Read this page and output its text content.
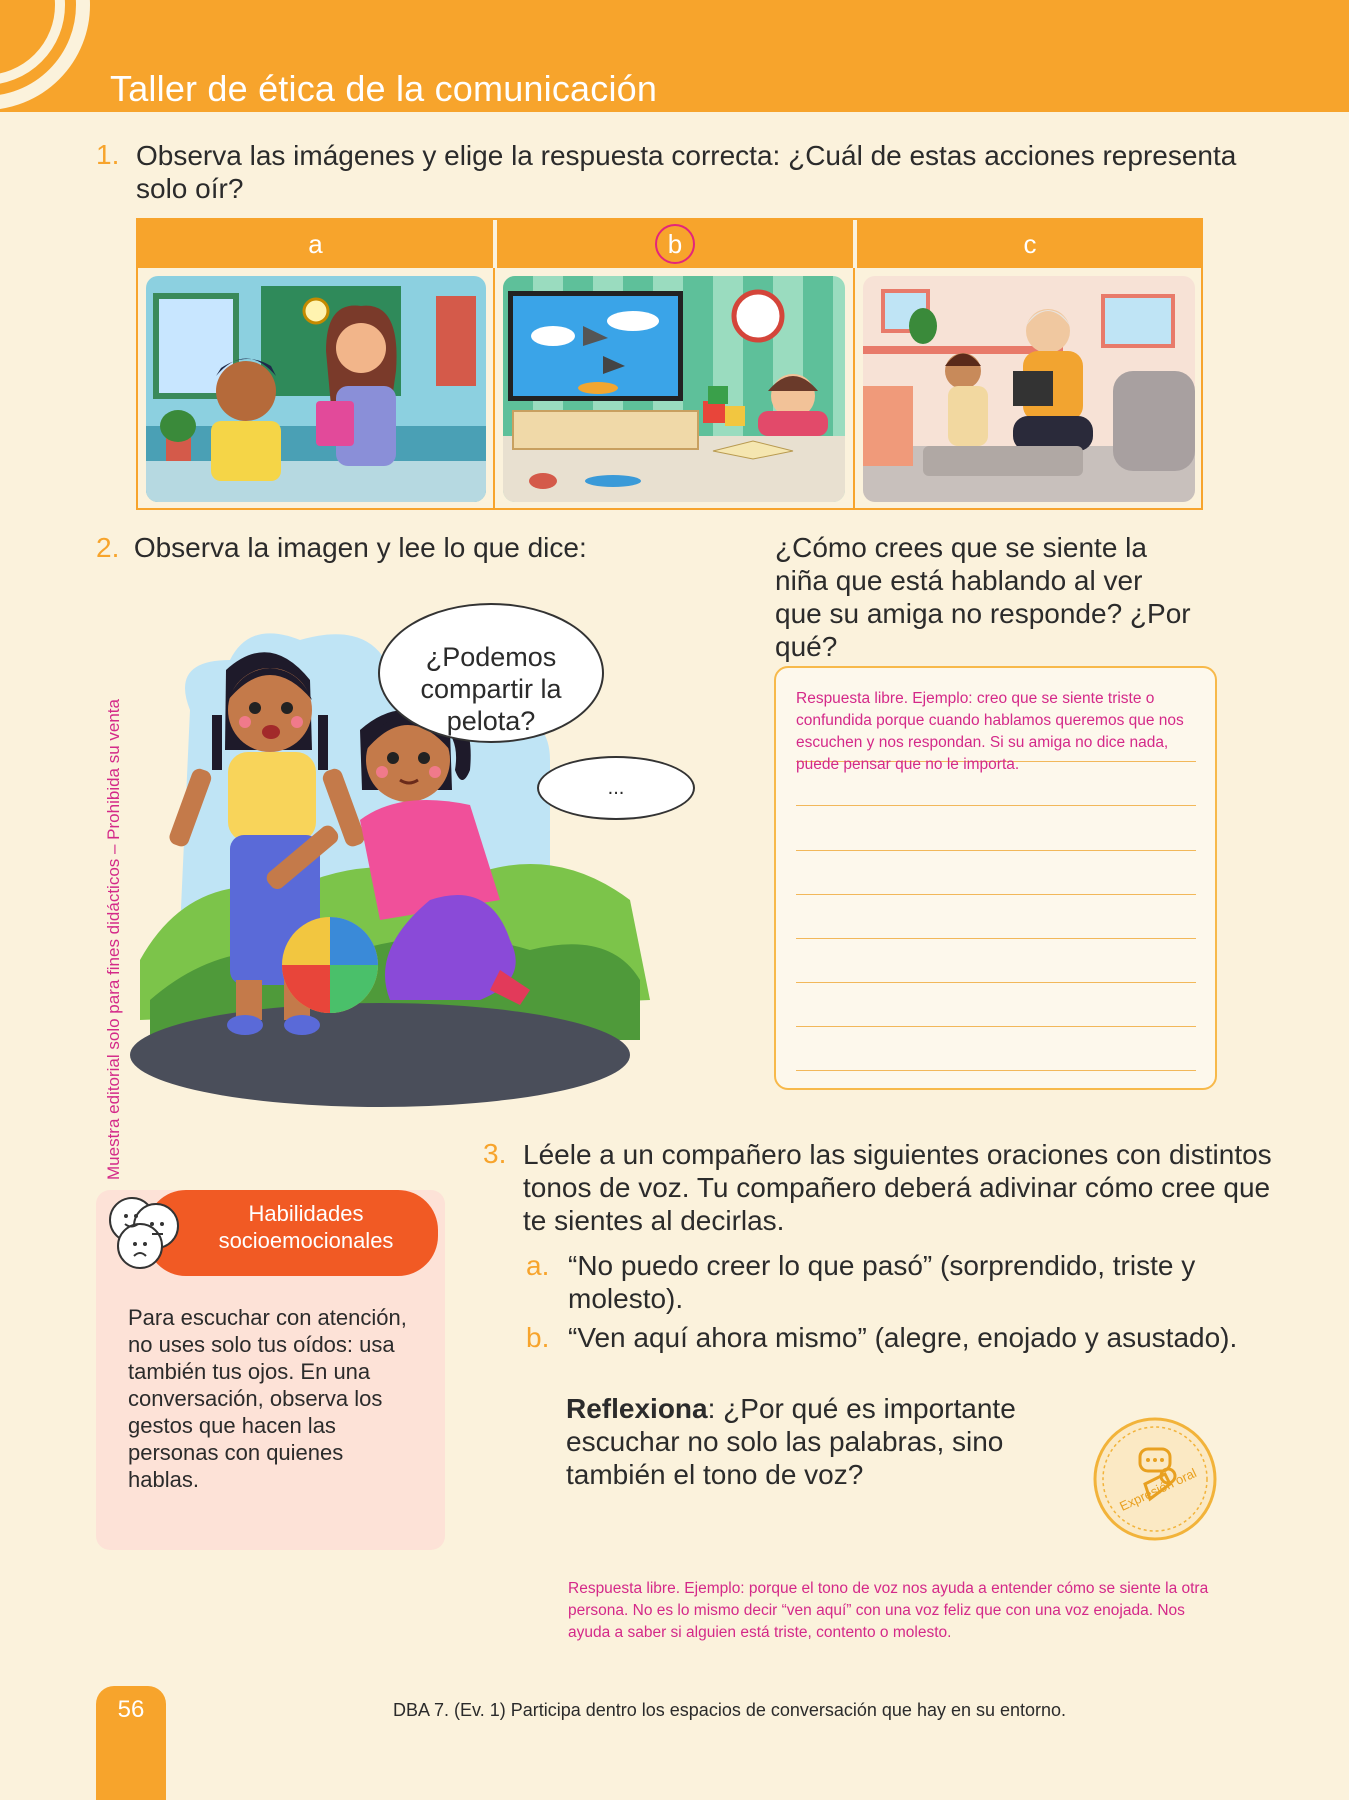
Taller de ética de la comunicación
1. Observa las imágenes y elige la respuesta correcta: ¿Cuál de estas acciones representa solo oír?
a	b	c
2. Observa la imagen y lee lo que dice:	¿Cómo crees que se siente la niña que está hablando al ver que su amiga no responde? ¿Por qué?
Respuesta libre. Ejemplo: creo que se siente triste o confundida porque cuando hablamos queremos que nos escuchen y nos respondan. Si su amiga no dice nada, puede pensar que no le importa.
Muestra editorial solo para fines didácticos – Prohibida su venta
¿Podemos compartir la pelota?
...
Habilidades socioemocionales
Para escuchar con atención, no uses solo tus oídos: usa también tus ojos. En una conversación, observa los gestos que hacen las personas con quienes hablas.
3. Léele a un compañero las siguientes oraciones con distintos tonos de voz. Tu compañero deberá adivinar cómo cree que te sientes al decirlas.
a. “No puedo creer lo que pasó” (sorprendido, triste y molesto).
b. “Ven aquí ahora mismo” (alegre, enojado y asustado).
Reflexiona: ¿Por qué es importante escuchar no solo las palabras, sino también el tono de voz?	Expresión oral
Respuesta libre. Ejemplo: porque el tono de voz nos ayuda a entender cómo se siente la otra persona. No es lo mismo decir “ven aquí” con una voz feliz que con una voz enojada. Nos ayuda a saber si alguien está triste, contento o molesto.
56	DBA 7. (Ev. 1) Participa dentro los espacios de conversación que hay en su entorno.
